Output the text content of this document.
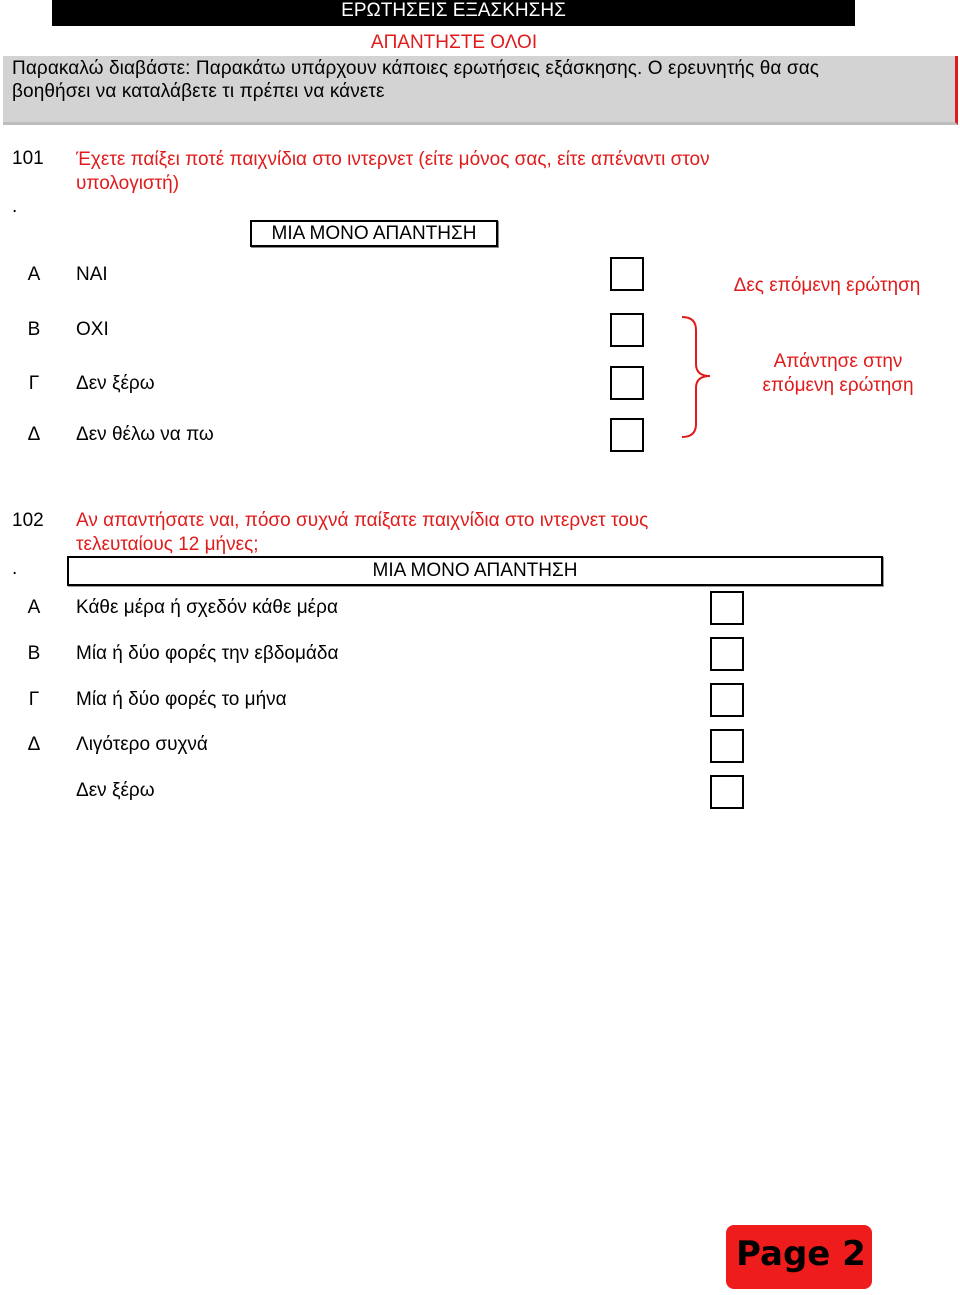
ΕΡΩΤΗΣΕΙΣ ΕΞΑΣΚΗΣΗΣ
ΑΠΑΝΤΗΣΤΕ ΟΛΟΙ
Παρακαλώ διαβάστε: Παρακάτω υπάρχουν κάποιες ερωτήσεις εξάσκησης. Ο ερευνητής θα σας
βοηθήσει να καταλάβετε τι πρέπει να κάνετε
101
.
Έχετε παίξει ποτέ παιχνίδια στο ιντερνετ (είτε μόνος σας, είτε απέναντι στον
υπολογιστή)
ΜΙΑ ΜΟΝΟ ΑΠΑΝΤΗΣΗ
Α	ΝΑΙ
Β	ΟΧΙ
Γ	Δεν ξέρω
Δ	Δεν θέλω να πω
Δες επόμενη ερώτηση
Απάντησε στην
επόμενη ερώτηση
102
.
Αν απαντήσατε ναι, πόσο συχνά παίξατε παιχνίδια στο ιντερνετ τους
τελευταίους 12 μήνες;
ΜΙΑ ΜΟΝΟ ΑΠΑΝΤΗΣΗ
Α	Κάθε μέρα ή σχεδόν κάθε μέρα
Β	Μία ή δύο φορές την εβδομάδα
Γ	Μία ή δύο φορές το μήνα
Δ	Λιγότερο συχνά
Δεν ξέρω
Page 2
